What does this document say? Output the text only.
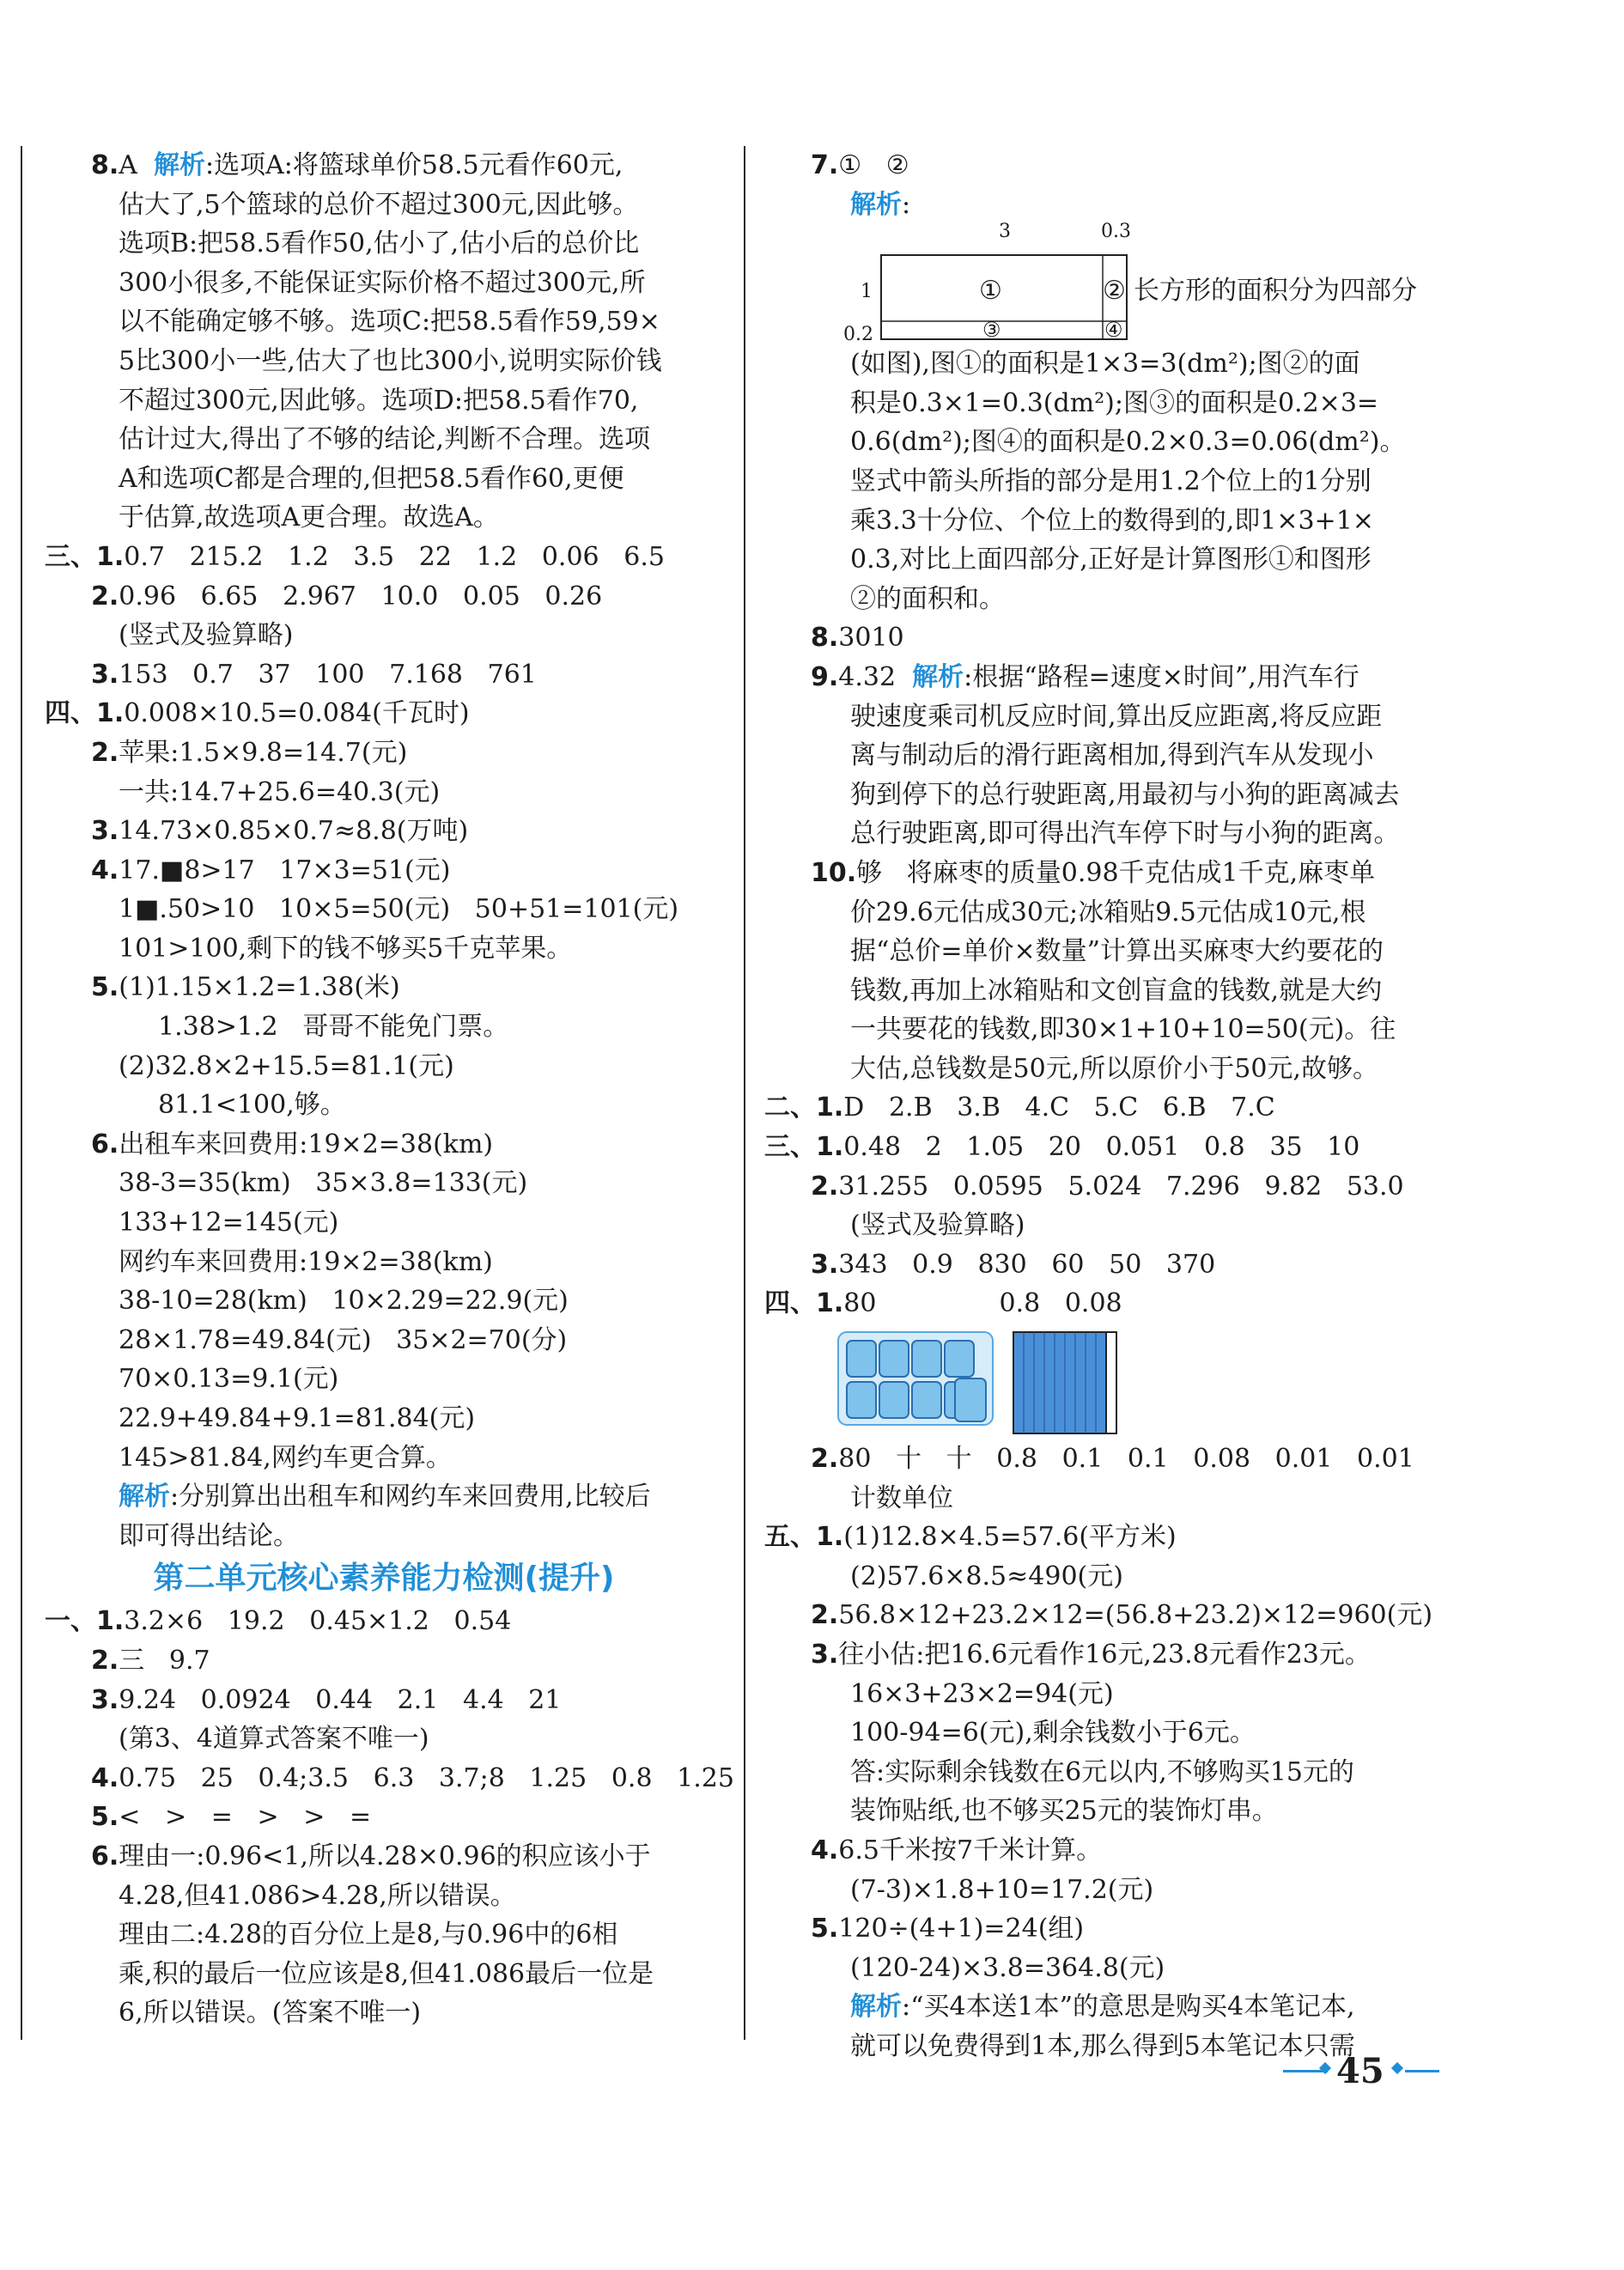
8.A 解析:选项A:将篮球单价58.5元看作60元,
估大了,5个篮球的总价不超过300元,因此够。
选项B:把58.5看作50,估小了,估小后的总价比
300小很多,不能保证实际价格不超过300元,所
以不能确定够不够。选项C:把58.5看作59,59×
5比300小一些,估大了也比300小,说明实际价钱
不超过300元,因此够。选项D:把58.5看作70,
估计过大,得出了不够的结论,判断不合理。选项
A和选项C都是合理的,但把58.5看作60,更便
于估算,故选项A更合理。故选A。
三、1.0.7   215.2   1.2   3.5   22   1.2   0.06   6.5
2.0.96   6.65   2.967   10.0   0.05   0.26
(竖式及验算略)
3.153   0.7   37   100   7.168   761
四、1.0.008×10.5=0.084(千瓦时)
2.苹果:1.5×9.8=14.7(元)
一共:14.7+25.6=40.3(元)
3.14.73×0.85×0.7≈8.8(万吨)
4.17.■8>17   17×3=51(元)
1■.50>10   10×5=50(元)   50+51=101(元)
101>100,剩下的钱不够买5千克苹果。
5.(1)1.15×1.2=1.38(米)
1.38>1.2   哥哥不能免门票。
(2)32.8×2+15.5=81.1(元)
81.1<100,够。
6.出租车来回费用:19×2=38(km)
38-3=35(km)   35×3.8=133(元)
133+12=145(元)
网约车来回费用:19×2=38(km)
38-10=28(km)   10×2.29=22.9(元)
28×1.78=49.84(元)   35×2=70(分)
70×0.13=9.1(元)
22.9+49.84+9.1=81.84(元)
145>81.84,网约车更合算。
解析:分别算出出租车和网约车来回费用,比较后
即可得出结论。
第二单元核心素养能力检测(提升)
一、1.3.2×6   19.2   0.45×1.2   0.54
2.三   9.7
3.9.24   0.0924   0.44   2.1   4.4   21
(第3、4道算式答案不唯一)
4.0.75   25   0.4;3.5   6.3   3.7;8   1.25   0.8   1.25
5.<   >   =   >   >   =
6.理由一:0.96<1,所以4.28×0.96的积应该小于
4.28,但41.086>4.28,所以错误。
理由二:4.28的百分位上是8,与0.96中的6相
乘,积的最后一位应该是8,但41.086最后一位是
6,所以错误。(答案不唯一)
7.①   ②
解析:
3	0.3
1
0.2
①	②
③	④
长方形的面积分为四部分
(如图),图①的面积是1×3=3(dm²);图②的面
积是0.3×1=0.3(dm²);图③的面积是0.2×3=
0.6(dm²);图④的面积是0.2×0.3=0.06(dm²)。
竖式中箭头所指的部分是用1.2个位上的1分别
乘3.3十分位、个位上的数得到的,即1×3+1×
0.3,对比上面四部分,正好是计算图形①和图形
②的面积和。
8.3010
9.4.32  解析:根据“路程=速度×时间”,用汽车行
驶速度乘司机反应时间,算出反应距离,将反应距
离与制动后的滑行距离相加,得到汽车从发现小
狗到停下的总行驶距离,用最初与小狗的距离减去
总行驶距离,即可得出汽车停下时与小狗的距离。
10.够   将麻枣的质量0.98千克估成1千克,麻枣单
价29.6元估成30元;冰箱贴9.5元估成10元,根
据“总价=单价×数量”计算出买麻枣大约要花的
钱数,再加上冰箱贴和文创盲盒的钱数,就是大约
一共要花的钱数,即30×1+10+10=50(元)。往
大估,总钱数是50元,所以原价小于50元,故够。
二、1.D   2.B   3.B   4.C   5.C   6.B   7.C
三、1.0.48   2   1.05   20   0.051   0.8   35   10
2.31.255   0.0595   5.024   7.296   9.82   53.0
(竖式及验算略)
3.343   0.9   830   60   50   370
四、1.80               0.8   0.08
2.80   十   十   0.8   0.1   0.1   0.08   0.01   0.01
计数单位
五、1.(1)12.8×4.5=57.6(平方米)
(2)57.6×8.5≈490(元)
2.56.8×12+23.2×12=(56.8+23.2)×12=960(元)
3.往小估:把16.6元看作16元,23.8元看作23元。
16×3+23×2=94(元)
100-94=6(元),剩余钱数小于6元。
答:实际剩余钱数在6元以内,不够购买15元的
装饰贴纸,也不够买25元的装饰灯串。
4.6.5千米按7千米计算。
(7-3)×1.8+10=17.2(元)
5.120÷(4+1)=24(组)
(120-24)×3.8=364.8(元)
解析:“买4本送1本”的意思是购买4本笔记本,
就可以免费得到1本,那么得到5本笔记本只需
45
